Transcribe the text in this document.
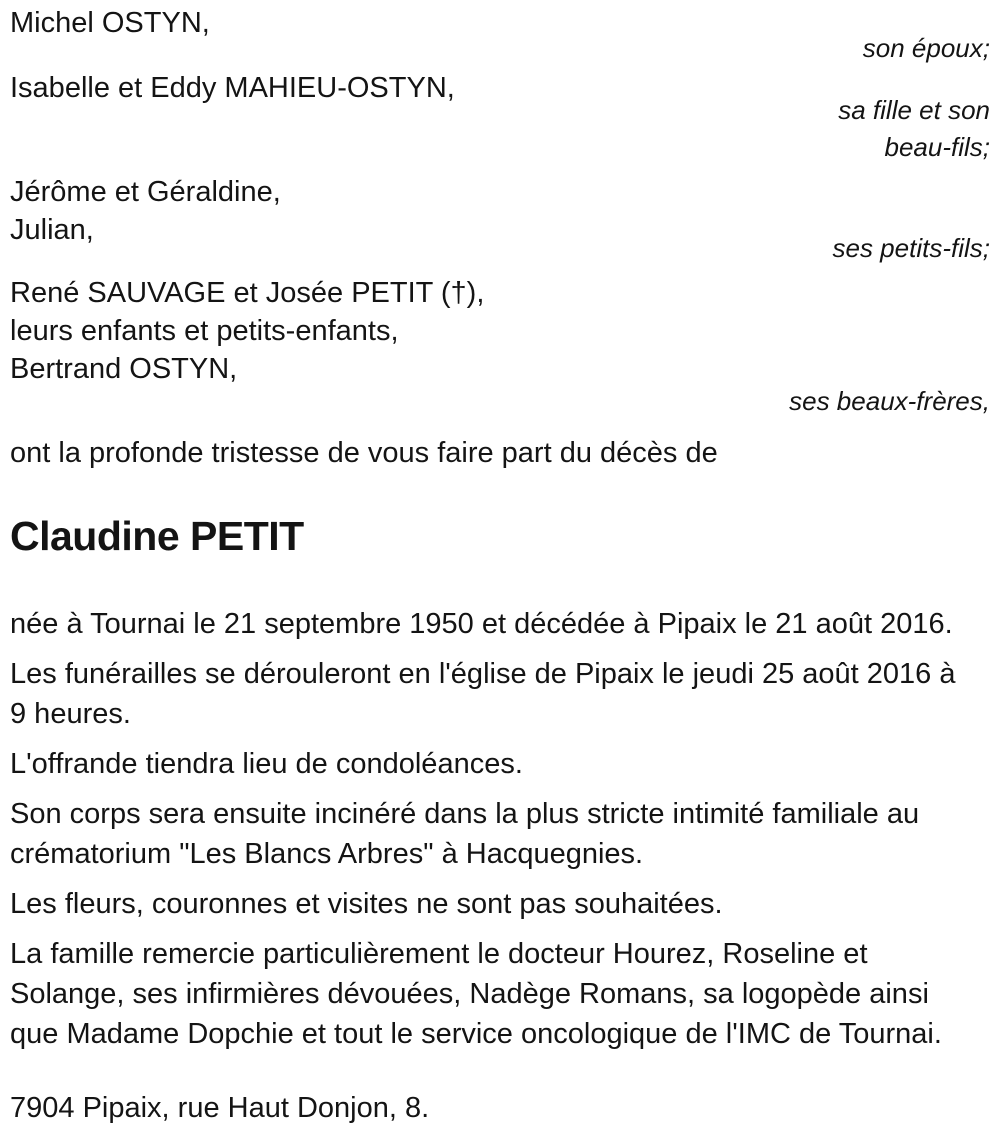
Michel OSTYN,
son époux;
Isabelle et Eddy MAHIEU-OSTYN,
sa fille et son
beau-fils;
Jérôme et Géraldine,
Julian,
ses petits-fils;
René SAUVAGE et Josée PETIT (†),
leurs enfants et petits-enfants,
Bertrand OSTYN,
ses beaux-frères,
ont la profonde tristesse de vous faire part du décès de
Claudine PETIT
née à Tournai le 21 septembre 1950 et décédée à Pipaix le 21 août 2016.
Les funérailles se dérouleront en l'église de Pipaix le jeudi 25 août 2016 à
9 heures.
L'offrande tiendra lieu de condoléances.
Son corps sera ensuite incinéré dans la plus stricte intimité familiale au
crématorium "Les Blancs Arbres" à Hacquegnies.
Les fleurs, couronnes et visites ne sont pas souhaitées.
La famille remercie particulièrement le docteur Hourez, Roseline et
Solange, ses infirmières dévouées, Nadège Romans, sa logopède ainsi
que Madame Dopchie et tout le service oncologique de l'IMC de Tournai.
7904 Pipaix, rue Haut Donjon, 8.
